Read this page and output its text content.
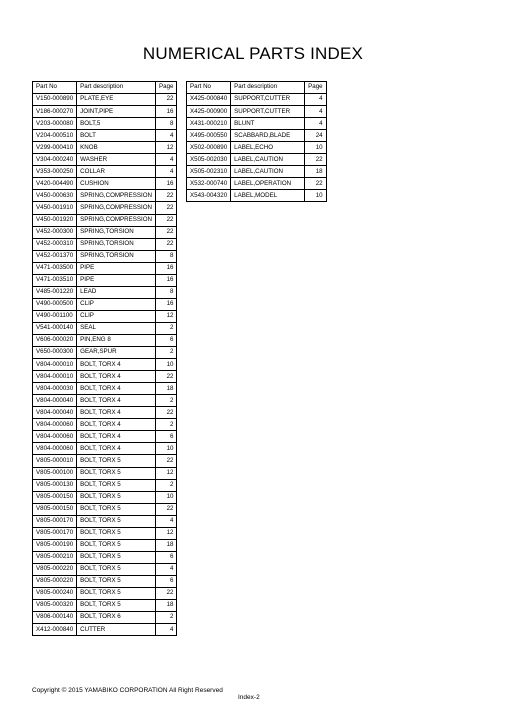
NUMERICAL PARTS INDEX
Part No	Part description	Page
V150-000890	PLATE,EYE	22
V186-000270	JOINT,PIPE	16
V203-000080	BOLT,5	8
V204-000510	BOLT	4
V299-000410	KNOB	12
V304-000240	WASHER	4
V353-000250	COLLAR	4
V420-004490	CUSHION	16
V450-000630	SPRING,COMPRESSION	22
V450-001910	SPRING,COMPRESSION	22
V450-001920	SPRING,COMPRESSION	22
V452-000300	SPRING,TORSION	22
V452-000310	SPRING,TORSION	22
V452-001370	SPRING,TORSION	8
V471-003500	PIPE	16
V471-003510	PIPE	16
V485-001220	LEAD	8
V490-000500	CLIP	16
V490-001100	CLIP	12
V541-000140	SEAL	2
V606-000020	PIN,ENG 8	6
V650-000300	GEAR,SPUR	2
V804-000010	BOLT, TORX 4	10
V804-000010	BOLT, TORX 4	22
V804-000030	BOLT, TORX 4	18
V804-000040	BOLT, TORX 4	2
V804-000040	BOLT, TORX 4	22
V804-000060	BOLT, TORX 4	2
V804-000060	BOLT, TORX 4	6
V804-000060	BOLT, TORX 4	10
V805-000010	BOLT, TORX 5	22
V805-000100	BOLT, TORX 5	12
V805-000130	BOLT, TORX 5	2
V805-000150	BOLT, TORX 5	10
V805-000150	BOLT, TORX 5	22
V805-000170	BOLT, TORX 5	4
V805-000170	BOLT, TORX 5	12
V805-000190	BOLT, TORX 5	18
V805-000210	BOLT, TORX 5	6
V805-000220	BOLT, TORX 5	4
V805-000220	BOLT, TORX 5	6
V805-000240	BOLT, TORX 5	22
V805-000320	BOLT, TORX 5	18
V806-000140	BOLT, TORX 6	2
X412-000840	CUTTER	4
Part No	Part description	Page
X425-000840	SUPPORT,CUTTER	4
X425-000900	SUPPORT,CUTTER	4
X431-000210	BLUNT	4
X495-000550	SCABBARD,BLADE	24
X502-000890	LABEL,ECHO	10
X505-002030	LABEL,CAUTION	22
X505-002310	LABEL,CAUTION	18
X532-000740	LABEL,OPERATION	22
X543-004320	LABEL,MODEL	10
Copyright © 2015 YAMABIKO CORPORATION All Right Reserved
Index-2
